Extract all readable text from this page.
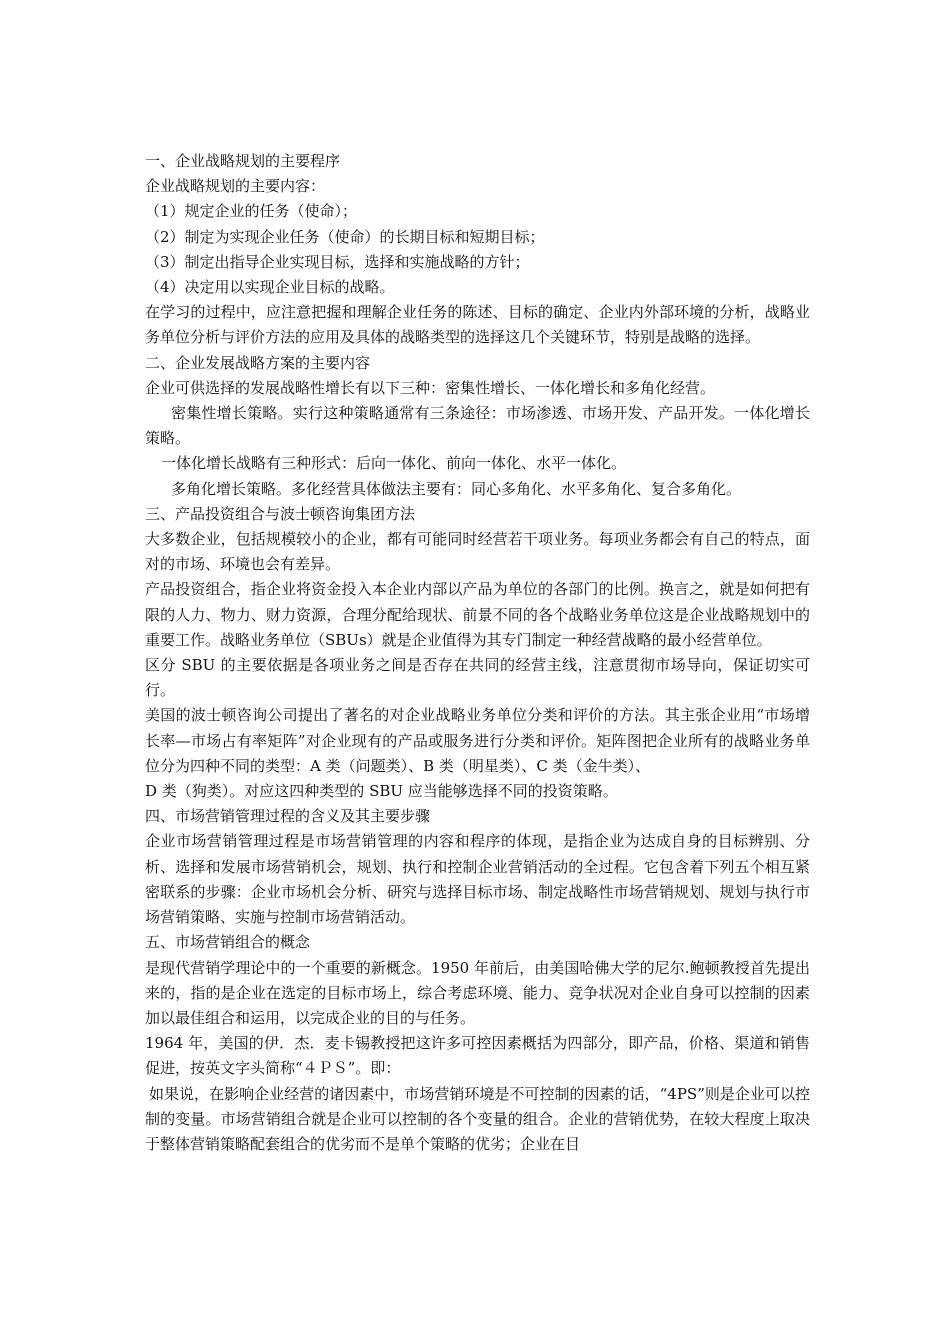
一、企业战略规划的主要程序

企业战略规划的主要内容：

（1）规定企业的任务（使命）；

（2）制定为实现企业任务（使命）的长期目标和短期目标；

（3）制定出指导企业实现目标，选择和实施战略的方针；

（4）决定用以实现企业目标的战略。

在学习的过程中，应注意把握和理解企业任务的陈述、目标的确定、企业内外部环境的分析，战略业务单位分析与评价方法的应用及具体的战略类型的选择这几个关键环节，特别是战略的选择。

二、企业发展战略方案的主要内容

企业可供选择的发展战略性增长有以下三种：密集性增长、一体化增长和多角化经营。

密集性增长策略。实行这种策略通常有三条途径：市场渗透、市场开发、产品开发。一体化增长策略。

一体化增长战略有三种形式：后向一体化、前向一体化、水平一体化。

多角化增长策略。多化经营具体做法主要有：同心多角化、水平多角化、复合多角化。

三、产品投资组合与波士顿咨询集团方法

大多数企业，包括规模较小的企业，都有可能同时经营若干项业务。每项业务都会有自己的特点，面对的市场、环境也会有差异。

产品投资组合，指企业将资金投入本企业内部以产品为单位的各部门的比例。换言之，就是如何把有限的人力、物力、财力资源，合理分配给现状、前景不同的各个战略业务单位这是企业战略规划中的重要工作。战略业务单位（SBUs）就是企业值得为其专门制定一种经营战略的最小经营单位。

区分 SBU 的主要依据是各项业务之间是否存在共同的经营主线，注意贯彻市场导向，保证切实可行。

美国的波士顿咨询公司提出了著名的对企业战略业务单位分类和评价的方法。其主张企业用“市场增长率—市场占有率矩阵”对企业现有的产品或服务进行分类和评价。矩阵图把企业所有的战略业务单位分为四种不同的类型：A 类（问题类）、B 类（明星类）、C 类（金牛类）、

D 类（狗类）。对应这四种类型的 SBU 应当能够选择不同的投资策略。

四、市场营销管理过程的含义及其主要步骤

企业市场营销管理过程是市场营销管理的内容和程序的体现，是指企业为达成自身的目标辨别、分析、选择和发展市场营销机会，规划、执行和控制企业营销活动的全过程。它包含着下列五个相互紧密联系的步骤：企业市场机会分析、研究与选择目标市场、制定战略性市场营销规划、规划与执行市场营销策略、实施与控制市场营销活动。

五、市场营销组合的概念

是现代营销学理论中的一个重要的新概念。1950 年前后，由美国哈佛大学的尼尔.鲍顿教授首先提出来的，指的是企业在选定的目标市场上，综合考虑环境、能力、竞争状况对企业自身可以控制的因素加以最佳组合和运用，以完成企业的目的与任务。

1964 年，美国的伊．杰．麦卡锡教授把这许多可控因素概括为四部分，即产品，价格、渠道和销售促进，按英文字头简称“４ＰＳ”。即：

如果说，在影响企业经营的诸因素中，市场营销环境是不可控制的因素的话，“4PS”则是企业可以控制的变量。市场营销组合就是企业可以控制的各个变量的组合。企业的营销优势，在较大程度上取决于整体营销策略配套组合的优劣而不是单个策略的优劣；企业在目
